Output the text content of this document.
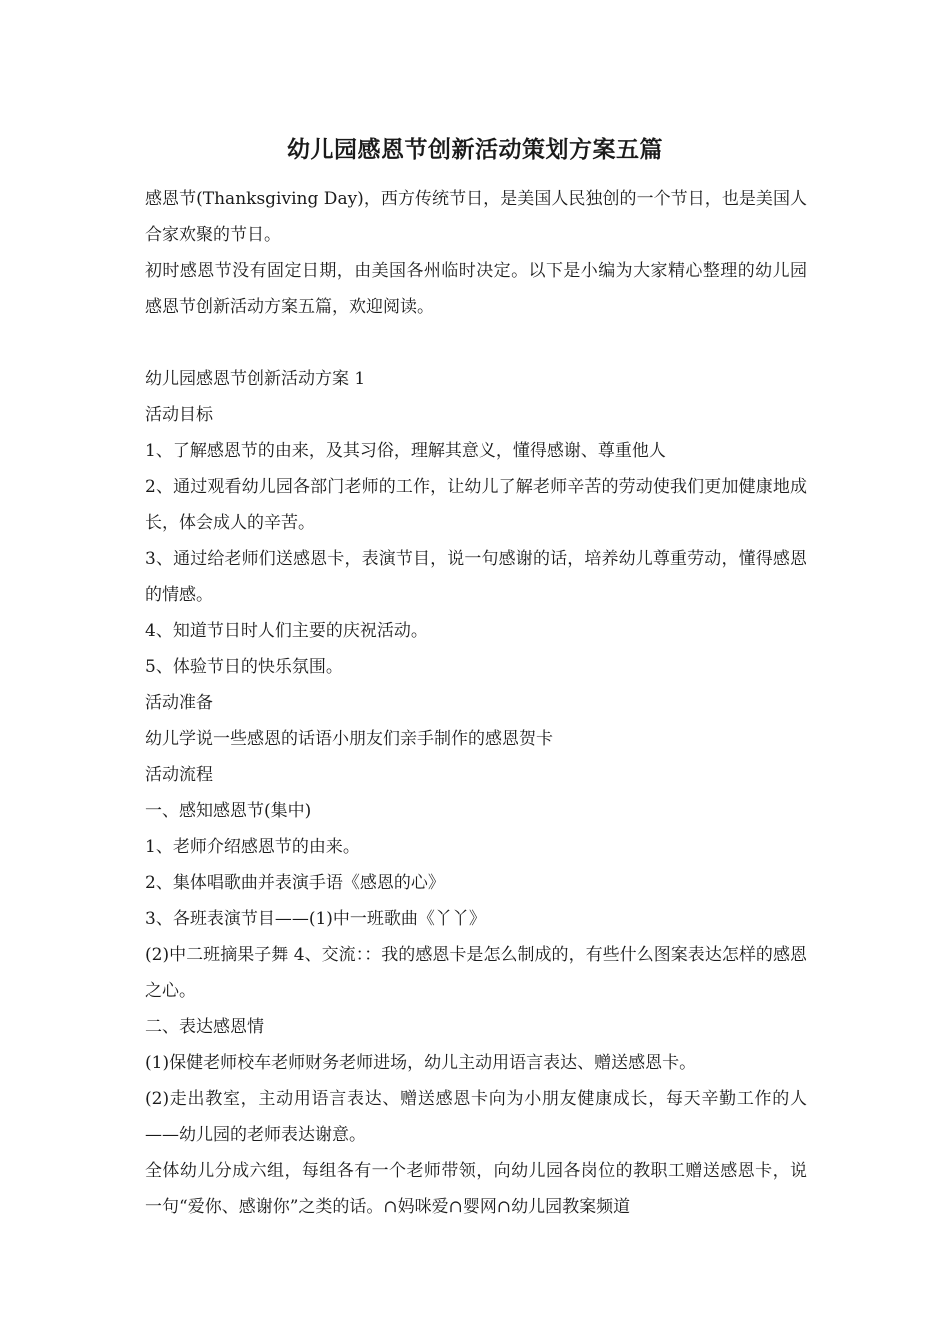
幼儿园感恩节创新活动策划方案五篇

感恩节(Thanksgiving Day)，西方传统节日，是美国人民独创的一个节日，也是美国人合家欢聚的节日。

初时感恩节没有固定日期，由美国各州临时决定。以下是小编为大家精心整理的幼儿园感恩节创新活动方案五篇，欢迎阅读。

幼儿园感恩节创新活动方案 1

活动目标

1、了解感恩节的由来，及其习俗，理解其意义，懂得感谢、尊重他人

2、通过观看幼儿园各部门老师的工作，让幼儿了解老师辛苦的劳动使我们更加健康地成长，体会成人的辛苦。

3、通过给老师们送感恩卡，表演节目，说一句感谢的话，培养幼儿尊重劳动，懂得感恩的情感。

4、知道节日时人们主要的庆祝活动。

5、体验节日的快乐氛围。

活动准备

幼儿学说一些感恩的话语小朋友们亲手制作的感恩贺卡

活动流程

一、感知感恩节(集中)

1、老师介绍感恩节的由来。

2、集体唱歌曲并表演手语《感恩的心》

3、各班表演节目——(1)中一班歌曲《丫丫》

(2)中二班摘果子舞 4、交流：：我的感恩卡是怎么制成的，有些什么图案表达怎样的感恩之心。

二、表达感恩情

(1)保健老师校车老师财务老师进场，幼儿主动用语言表达、赠送感恩卡。

(2)走出教室，主动用语言表达、赠送感恩卡向为小朋友健康成长，每天辛勤工作的人——幼儿园的老师表达谢意。

全体幼儿分成六组，每组各有一个老师带领，向幼儿园各岗位的教职工赠送感恩卡，说一句“爱你、感谢你”之类的话。∩妈咪爱∩婴网∩幼儿园教案频道
